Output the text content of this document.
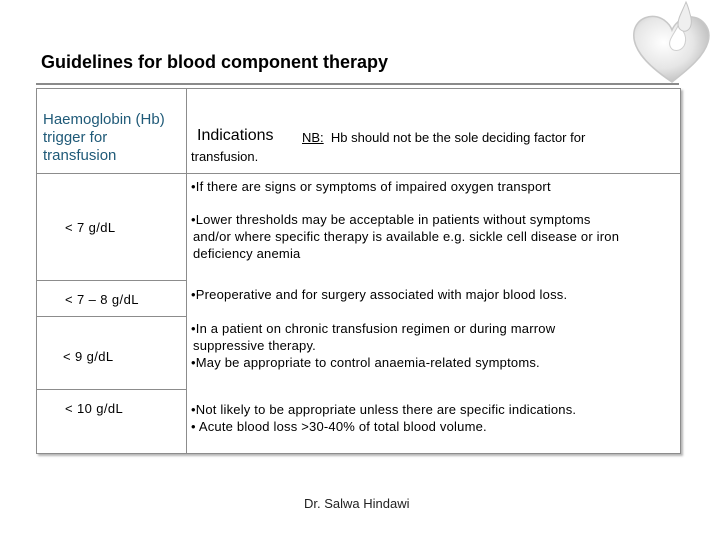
Guidelines for blood component therapy
Haemoglobin (Hb) trigger for transfusion
Indications NB: Hb should not be the sole deciding factor for
transfusion.
•If there are signs or symptoms of impaired oxygen transport
< 7 g/dL
•Lower thresholds may be acceptable in patients without symptoms
and/or where specific therapy is available e.g. sickle cell disease or iron
deficiency anemia
< 7 – 8 g/dL	•Preoperative and for surgery associated with major blood loss.
< 9 g/dL
•In a patient on chronic transfusion regimen or during marrow
suppressive therapy.
•May be appropriate to control anaemia-related symptoms.
< 10 g/dL	•Not likely to be appropriate unless there are specific indications.
• Acute blood loss >30-40% of total blood volume.
Dr. Salwa Hindawi
